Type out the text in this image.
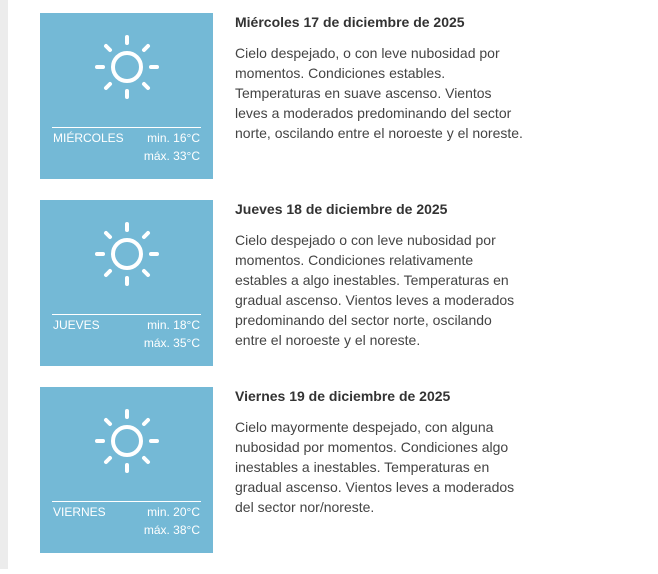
MIÉRCOLES min. 16°C
máx. 33°C
Miércoles 17 de diciembre de 2025

Cielo despejado, o con leve nubosidad por momentos. Condiciones estables. Temperaturas en suave ascenso. Vientos leves a moderados predominando del sector norte, oscilando entre el noroeste y el noreste.

JUEVES	min. 18°C
máx. 35°C
Jueves 18 de diciembre de 2025

Cielo despejado o con leve nubosidad por momentos. Condiciones relativamente estables a algo inestables. Temperaturas en gradual ascenso. Vientos leves a moderados predominando del sector norte, oscilando entre el noroeste y el noreste.

VIERNES	min. 20°C
máx. 38°C
Viernes 19 de diciembre de 2025

Cielo mayormente despejado, con alguna nubosidad por momentos. Condiciones algo inestables a inestables. Temperaturas en gradual ascenso. Vientos leves a moderados del sector nor/noreste.
